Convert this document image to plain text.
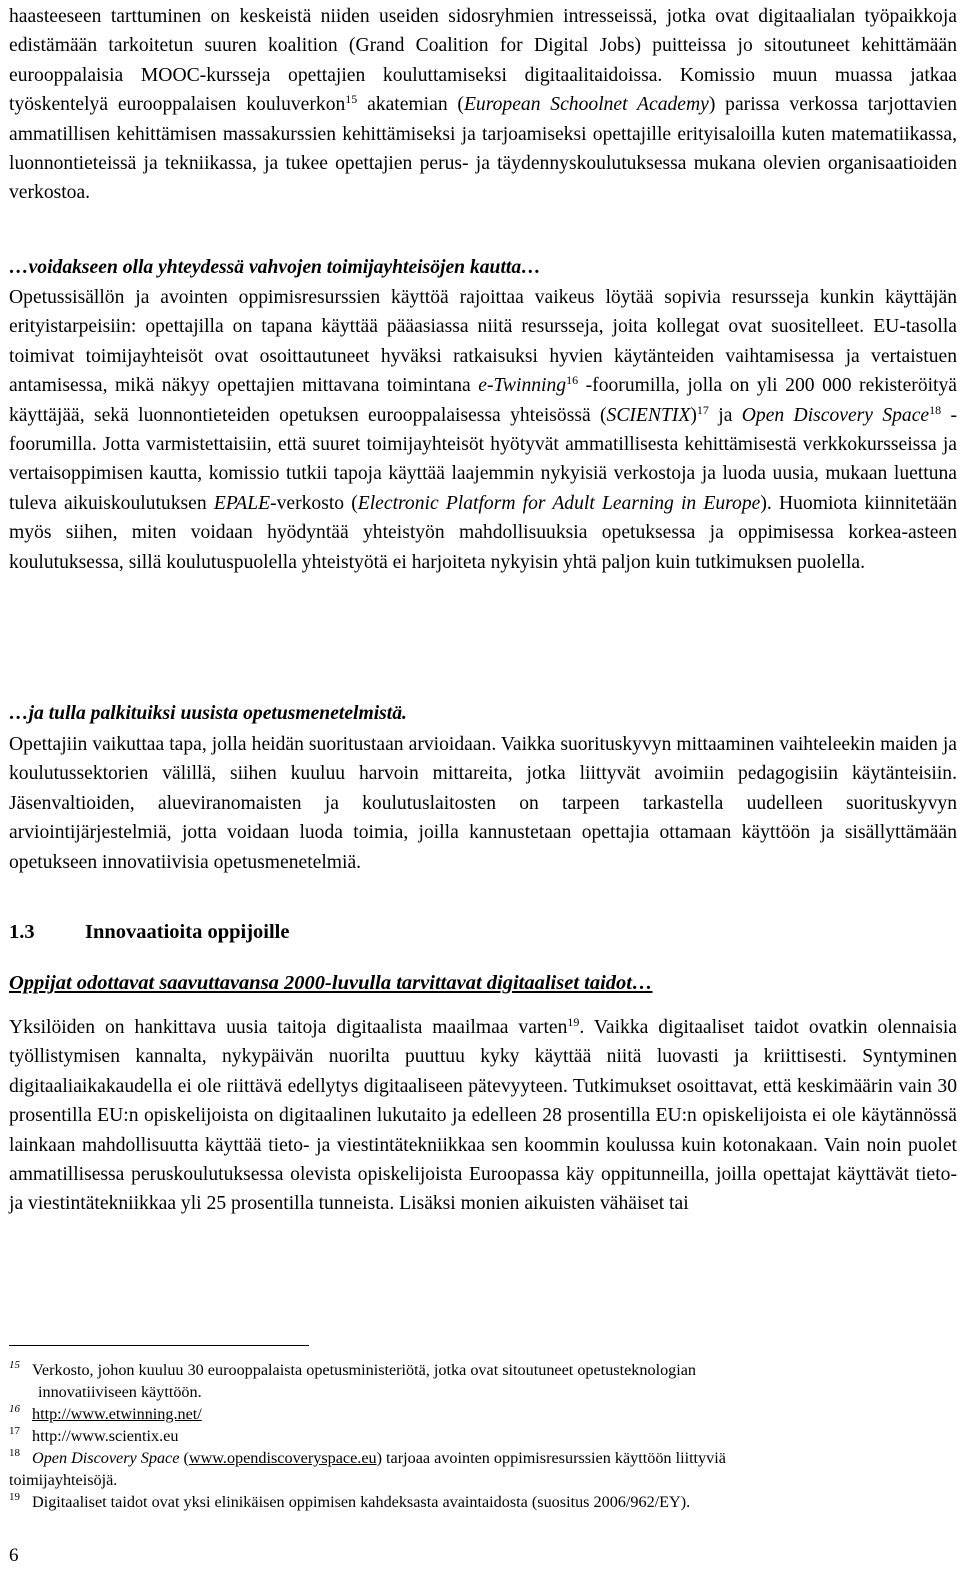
haasteeseen tarttuminen on keskeistä niiden useiden sidosryhmien intresseissä, jotka ovat digitaalialan työpaikkoja edistämään tarkoitetun suuren koalition (Grand Coalition for Digital Jobs) puitteissa jo sitoutuneet kehittämään eurooppalaisia MOOC-kursseja opettajien kouluttamiseksi digitaalitaidoissa. Komissio muun muassa jatkaa työskentelyä eurooppalaisen kouluverkon$^{15}$ akatemian (European Schoolnet Academy) parissa verkossa tarjottavien ammatillisen kehittämisen massakurssien kehittämiseksi ja tarjoamiseksi opettajille erityisaloilla kuten matematiikassa, luonnontieteissä ja tekniikassa, ja tukee opettajien perus- ja täydennyskoulutuksessa mukana olevien organisaatioiden verkostoa.

…voidakseen olla yhteydessä vahvojen toimijayhteisöjen kautta…

Opetussisällön ja avointen oppimisresurssien käyttöä rajoittaa vaikeus löytää sopivia resursseja kunkin käyttäjän erityistarpeisiin: opettajilla on tapana käyttää pääasiassa niitä resursseja, joita kollegat ovat suositelleet. EU-tasolla toimivat toimijayhteisöt ovat osoittautuneet hyväksi ratkaisuksi hyvien käytänteiden vaihtamisessa ja vertaistuen antamisessa, mikä näkyy opettajien mittavana toimintana e-Twinning$^{16}$ -foorumilla, jolla on yli 200 000 rekisteröityä käyttäjää, sekä luonnontieteiden opetuksen eurooppalaisessa yhteisössä (SCIENTIX)$^{17}$ ja Open Discovery Space$^{18}$ -foorumilla. Jotta varmistettaisiin, että suuret toimijayhteisöt hyötyvät ammatillisesta kehittämisestä verkkokursseissa ja vertaisoppimisen kautta, komissio tutkii tapoja käyttää laajemmin nykyisiä verkostoja ja luoda uusia, mukaan luettuna tuleva aikuiskoulutuksen EPALE-verkosto (Electronic Platform for Adult Learning in Europe). Huomiota kiinnitetään myös siihen, miten voidaan hyödyntää yhteistyön mahdollisuuksia opetuksessa ja oppimisessa korkea-asteen koulutuksessa, sillä koulutuspuolella yhteistyötä ei harjoiteta nykyisin yhtä paljon kuin tutkimuksen puolella.

…ja tulla palkituiksi uusista opetusmenetelmistä.

Opettajiin vaikuttaa tapa, jolla heidän suoritustaan arvioidaan. Vaikka suorituskyvyn mittaaminen vaihteleekin maiden ja koulutussektorien välillä, siihen kuuluu harvoin mittareita, jotka liittyvät avoimiin pedagogisiin käytänteisiin. Jäsenvaltioiden, alueviranomaisten ja koulutuslaitosten on tarpeen tarkastella uudelleen suorituskyvyn arviointijärjestelmiä, jotta voidaan luoda toimia, joilla kannustetaan opettajia ottamaan käyttöön ja sisällyttämään opetukseen innovatiivisia opetusmenetelmiä.

1.3 Innovaatioita oppijoille
Oppijat odottavat saavuttavansa 2000-luvulla tarvittavat digitaaliset taidot…

Yksilöiden on hankittava uusia taitoja digitaalista maailmaa varten$^{19}$. Vaikka digitaaliset taidot ovatkin olennaisia työllistymisen kannalta, nykypäivän nuorilta puuttuu kyky käyttää niitä luovasti ja kriittisesti. Syntyminen digitaaliaikakaudella ei ole riittävä edellytys digitaaliseen pätevyyteen. Tutkimukset osoittavat, että keskimäärin vain 30 prosentilla EU:n opiskelijoista on digitaalinen lukutaito ja edelleen 28 prosentilla EU:n opiskelijoista ei ole käytännössä lainkaan mahdollisuutta käyttää tieto- ja viestintätekniikkaa sen koommin koulussa kuin kotonakaan. Vain noin puolet ammatillisessa peruskoulutuksessa olevista opiskelijoista Euroopassa käy oppitunneilla, joilla opettajat käyttävät tieto- ja viestintätekniikkaa yli 25 prosentilla tunneista. Lisäksi monien aikuisten vähäiset tai

15 Verkosto, johon kuuluu 30 eurooppalaista opetusministeriötä, jotka ovat sitoutuneet opetusteknologian
innovatiiviseen käyttöön.
16 http://www.etwinning.net/
17 http://www.scientix.eu
18 Open Discovery Space (www.opendiscoveryspace.eu) tarjoaa avointen oppimisresurssien käyttöön liittyviä
toimijayhteisöjä.
19 Digitaaliset taidot ovat yksi elinikäisen oppimisen kahdeksasta avaintaidosta (suositus 2006/962/EY).
6
